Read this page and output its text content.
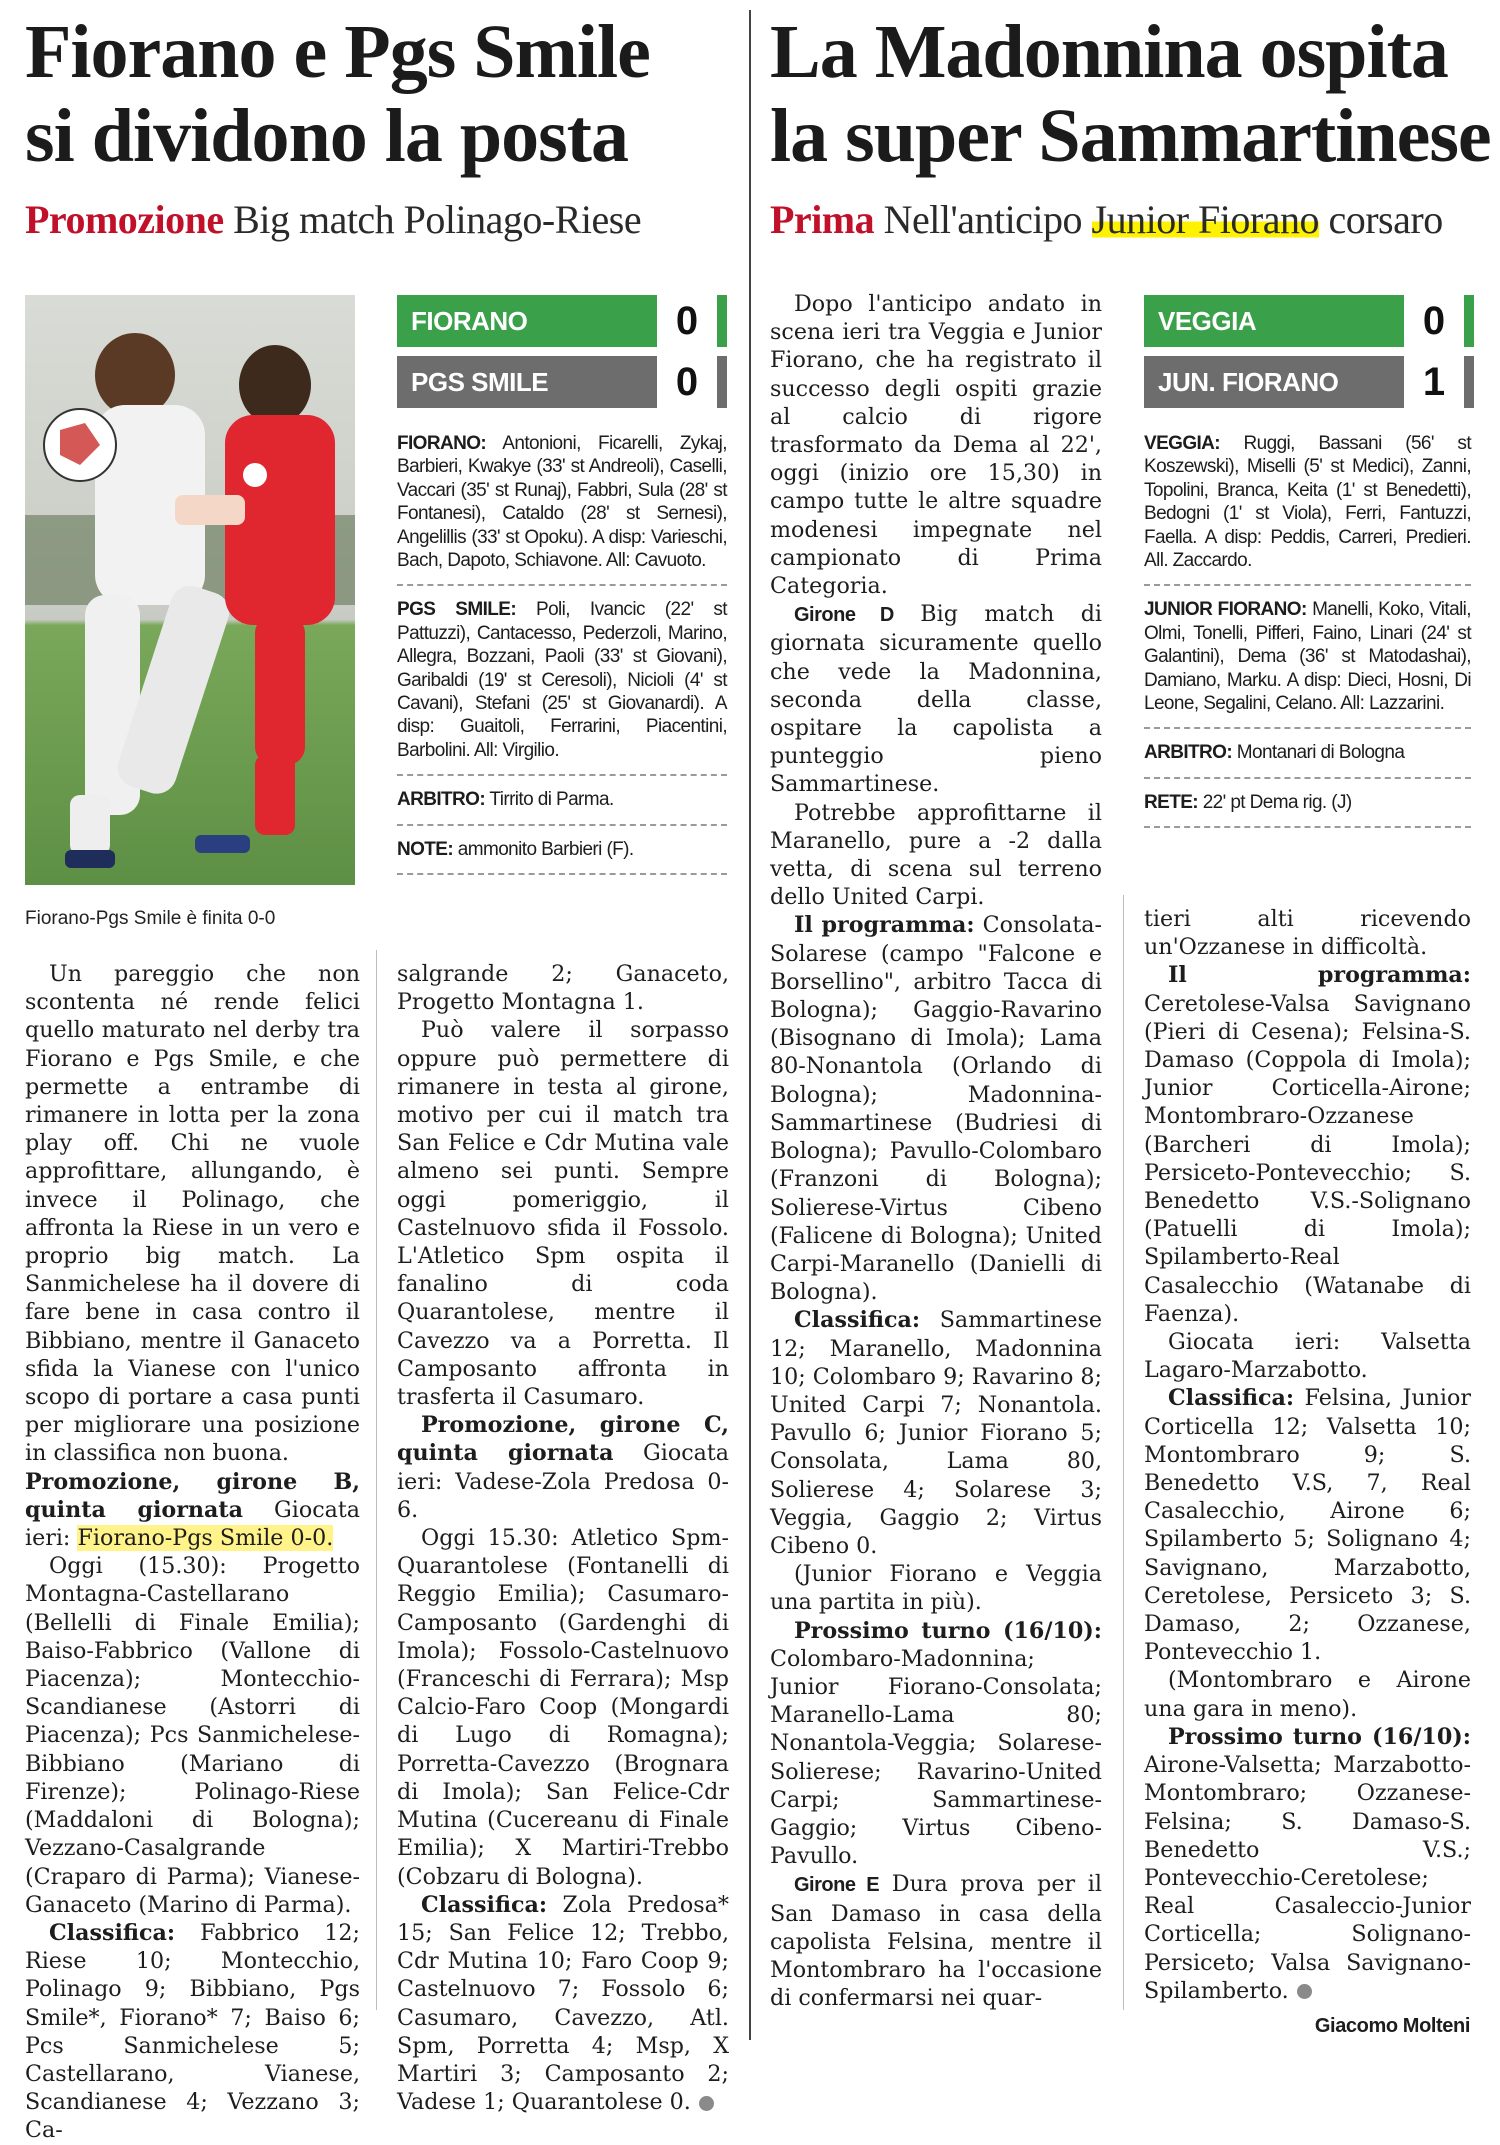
Fiorano e Pgs Smile
si dividono la posta
Promozione Big match Polinago-Riese
La Madonnina ospita
la super Sammartinese
Prima Nell'anticipo Junior Fiorano corsaro
Fiorano-Pgs Smile è finita 0-0
FIORANO	0
PGS SMILE	0
FIORANO: Antonioni, Ficarelli, Zykaj, Barbieri, Kwakye (33' st Andreoli), Caselli, Vaccari (35' st Runaj), Fabbri, Sula (28' st Fontanesi), Cataldo (28' st Sernesi), Angelillis (33' st Opoku). A disp: Varieschi, Bach, Dapoto, Schiavone. All: Cavuoto.
PGS SMILE: Poli, Ivancic (22' st Pattuzzi), Cantacesso, Pederzoli, Marino, Allegra, Bozzani, Paoli (33' st Giovani), Garibaldi (19' st Ceresoli), Nicioli (4' st Cavani), Stefani (25' st Giovanardi). A disp: Guaitoli, Ferrarini, Piacentini, Barbolini. All: Virgilio.
ARBITRO: Tirrito di Parma.
NOTE: ammonito Barbieri (F).

Un pareggio che non scontenta né rende felici quello maturato nel derby tra Fiorano e Pgs Smile, e che permette a entrambe di rimanere in lotta per la zona play off. Chi ne vuole approfittare, allungando, è invece il Polinago, che affronta la Riese in un vero e proprio big match. La Sanmichelese ha il dovere di fare bene in casa contro il Bibbiano, mentre il Ganaceto sfida la Vianese con l'unico scopo di portare a casa punti per migliorare una posizione in classifica non buona.

Promozione, girone B, quinta giornata Giocata ieri: Fiorano-Pgs Smile 0-0.

Oggi (15.30): Progetto Montagna-Castellarano (Bellelli di Finale Emilia); Baiso-Fabbrico (Vallone di Piacenza); Montecchio-Scandianese (Astorri di Piacenza); Pcs Sanmichelese-Bibbiano (Mariano di Firenze); Polinago-Riese (Maddaloni di Bologna); Vezzano-Casalgrande (Craparo di Parma); Vianese-Ganaceto (Marino di Parma).

Classifica: Fabbrico 12; Riese 10; Montecchio, Polinago 9; Bibbiano, Pgs Smile*, Fiorano* 7; Baiso 6; Pcs Sanmichelese 5; Castellarano, Vianese, Scandianese 4; Vezzano 3; Ca-

salgrande 2; Ganaceto, Progetto Montagna 1.

Può valere il sorpasso oppure può permettere di rimanere in testa al girone, motivo per cui il match tra San Felice e Cdr Mutina vale almeno sei punti. Sempre oggi pomeriggio, il Castelnuovo sfida il Fossolo. L'Atletico Spm ospita il fanalino di coda Quarantolese, mentre il Cavezzo va a Porretta. Il Camposanto affronta in trasferta il Casumaro.

Promozione, girone C, quinta giornata Giocata ieri: Vadese-Zola Predosa 0-6.

Oggi 15.30: Atletico Spm-Quarantolese (Fontanelli di Reggio Emilia); Casumaro-Camposanto (Gardenghi di Imola); Fossolo-Castelnuovo (Franceschi di Ferrara); Msp Calcio-Faro Coop (Mongardi di Lugo di Romagna); Porretta-Cavezzo (Brognara di Imola); San Felice-Cdr Mutina (Cucereanu di Finale Emilia); X Martiri-Trebbo (Cobzaru di Bologna).

Classifica: Zola Predosa* 15; San Felice 12; Trebbo, Cdr Mutina 10; Faro Coop 9; Castelnuovo 7; Fossolo 6; Casumaro, Cavezzo, Atl. Spm, Porretta 4; Msp, X Martiri 3; Camposanto 2; Vadese 1; Quarantolese 0.

Dopo l'anticipo andato in scena ieri tra Veggia e Junior Fiorano, che ha registrato il successo degli ospiti grazie al calcio di rigore trasformato da Dema al 22', oggi (inizio ore 15,30) in campo tutte le altre squadre modenesi impegnate nel campionato di Prima Categoria.

Girone D Big match di giornata sicuramente quello che vede la Madonnina, seconda della classe, ospitare la capolista a punteggio pieno Sammartinese.

Potrebbe approfittarne il Maranello, pure a -2 dalla vetta, di scena sul terreno dello United Carpi.

Il programma: Consolata-Solarese (campo "Falcone e Borsellino", arbitro Tacca di Bologna); Gaggio-Ravarino (Bisognano di Imola); Lama 80-Nonantola (Orlando di Bologna); Madonnina-Sammartinese (Budriesi di Bologna); Pavullo-Colombaro (Franzoni di Bologna); Solierese-Virtus Cibeno (Falicene di Bologna); United Carpi-Maranello (Danielli di Bologna).

Classifica: Sammartinese 12; Maranello, Madonnina 10; Colombaro 9; Ravarino 8; United Carpi 7; Nonantola. Pavullo 6; Junior Fiorano 5; Consolata, Lama 80, Solierese 4; Solarese 3; Veggia, Gaggio 2; Virtus Cibeno 0.

(Junior Fiorano e Veggia una partita in più).

Prossimo turno (16/10): Colombaro-Madonnina; Junior Fiorano-Consolata; Maranello-Lama 80; Nonantola-Veggia; Solarese-Solierese; Ravarino-United Carpi; Sammartinese-Gaggio; Virtus Cibeno-Pavullo.

Girone E Dura prova per il San Damaso in casa della capolista Felsina, mentre il Montombraro ha l'occasione di confermarsi nei quar-

VEGGIA	0
JUN. FIORANO	1
VEGGIA: Ruggi, Bassani (56' st Koszewski), Miselli (5' st Medici), Zanni, Topolini, Branca, Keita (1' st Benedetti), Bedogni (1' st Viola), Ferri, Fantuzzi, Faella. A disp: Peddis, Carreri, Predieri. All. Zaccardo.
JUNIOR FIORANO: Manelli, Koko, Vitali, Olmi, Tonelli, Pifferi, Faino, Linari (24' st Galantini), Dema (36' st Matodashai), Damiano, Marku. A disp: Dieci, Hosni, Di Leone, Segalini, Celano. All: Lazzarini.
ARBITRO: Montanari di Bologna
RETE: 22' pt Dema rig. (J)

tieri alti ricevendo un'Ozzanese in difficoltà.

Il programma: Ceretolese-Valsa Savignano (Pieri di Cesena); Felsina-S. Damaso (Coppola di Imola); Junior Corticella-Airone; Montombraro-Ozzanese (Barcheri di Imola); Persiceto-Pontevecchio; S. Benedetto V.S.-Solignano (Patuelli di Imola); Spilamberto-Real Casalecchio (Watanabe di Faenza).

Giocata ieri: Valsetta Lagaro-Marzabotto.

Classifica: Felsina, Junior Corticella 12; Valsetta 10; Montombraro 9; S. Benedetto V.S, 7, Real Casalecchio, Airone 6; Spilamberto 5; Solignano 4; Savignano, Marzabotto, Ceretolese, Persiceto 3; S. Damaso, 2; Ozzanese, Pontevecchio 1.

(Montombraro e Airone una gara in meno).

Prossimo turno (16/10): Airone-Valsetta; Marzabotto-Montombraro; Ozzanese-Felsina; S. Damaso-S. Benedetto V.S.; Pontevecchio-Ceretolese; Real Casaleccio-Junior Corticella; Solignano-Persiceto; Valsa Savignano-Spilamberto.

Giacomo Molteni
